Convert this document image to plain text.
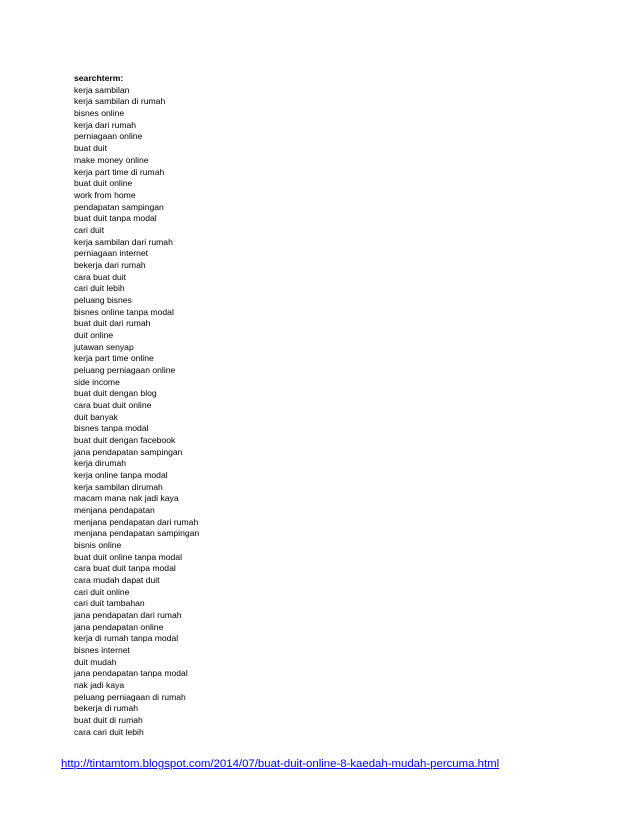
searchterm:
kerja sambilan
kerja sambilan di rumah
bisnes online
kerja dari rumah
perniagaan online
buat duit
make money online
kerja part time di rumah
buat duit online
work from home
pendapatan sampingan
buat duit tanpa modal
cari duit
kerja sambilan dari rumah
perniagaan internet
bekerja dari rumah
cara buat duit
cari duit lebih
peluang bisnes
bisnes online tanpa modal
buat duit dari rumah
duit online
jutawan senyap
kerja part time online
peluang perniagaan online
side income
buat duit dengan blog
cara buat duit online
duit banyak
bisnes tanpa modal
buat duit dengan facebook
jana pendapatan sampingan
kerja dirumah
kerja online tanpa modal
kerja sambilan dirumah
macam mana nak jadi kaya
menjana pendapatan
menjana pendapatan dari rumah
menjana pendapatan sampingan
bisnis online
buat duit online tanpa modal
cara buat duit tanpa modal
cara mudah dapat duit
cari duit online
cari duit tambahan
jana pendapatan dari rumah
jana pendapatan online
kerja di rumah tanpa modal
bisnes internet
duit mudah
jana pendapatan tanpa modal
nak jadi kaya
peluang perniagaan di rumah
bekerja di rumah
buat duit di rumah
cara cari duit lebih
http://tintamtom.blogspot.com/2014/07/buat-duit-online-8-kaedah-mudah-percuma.html
